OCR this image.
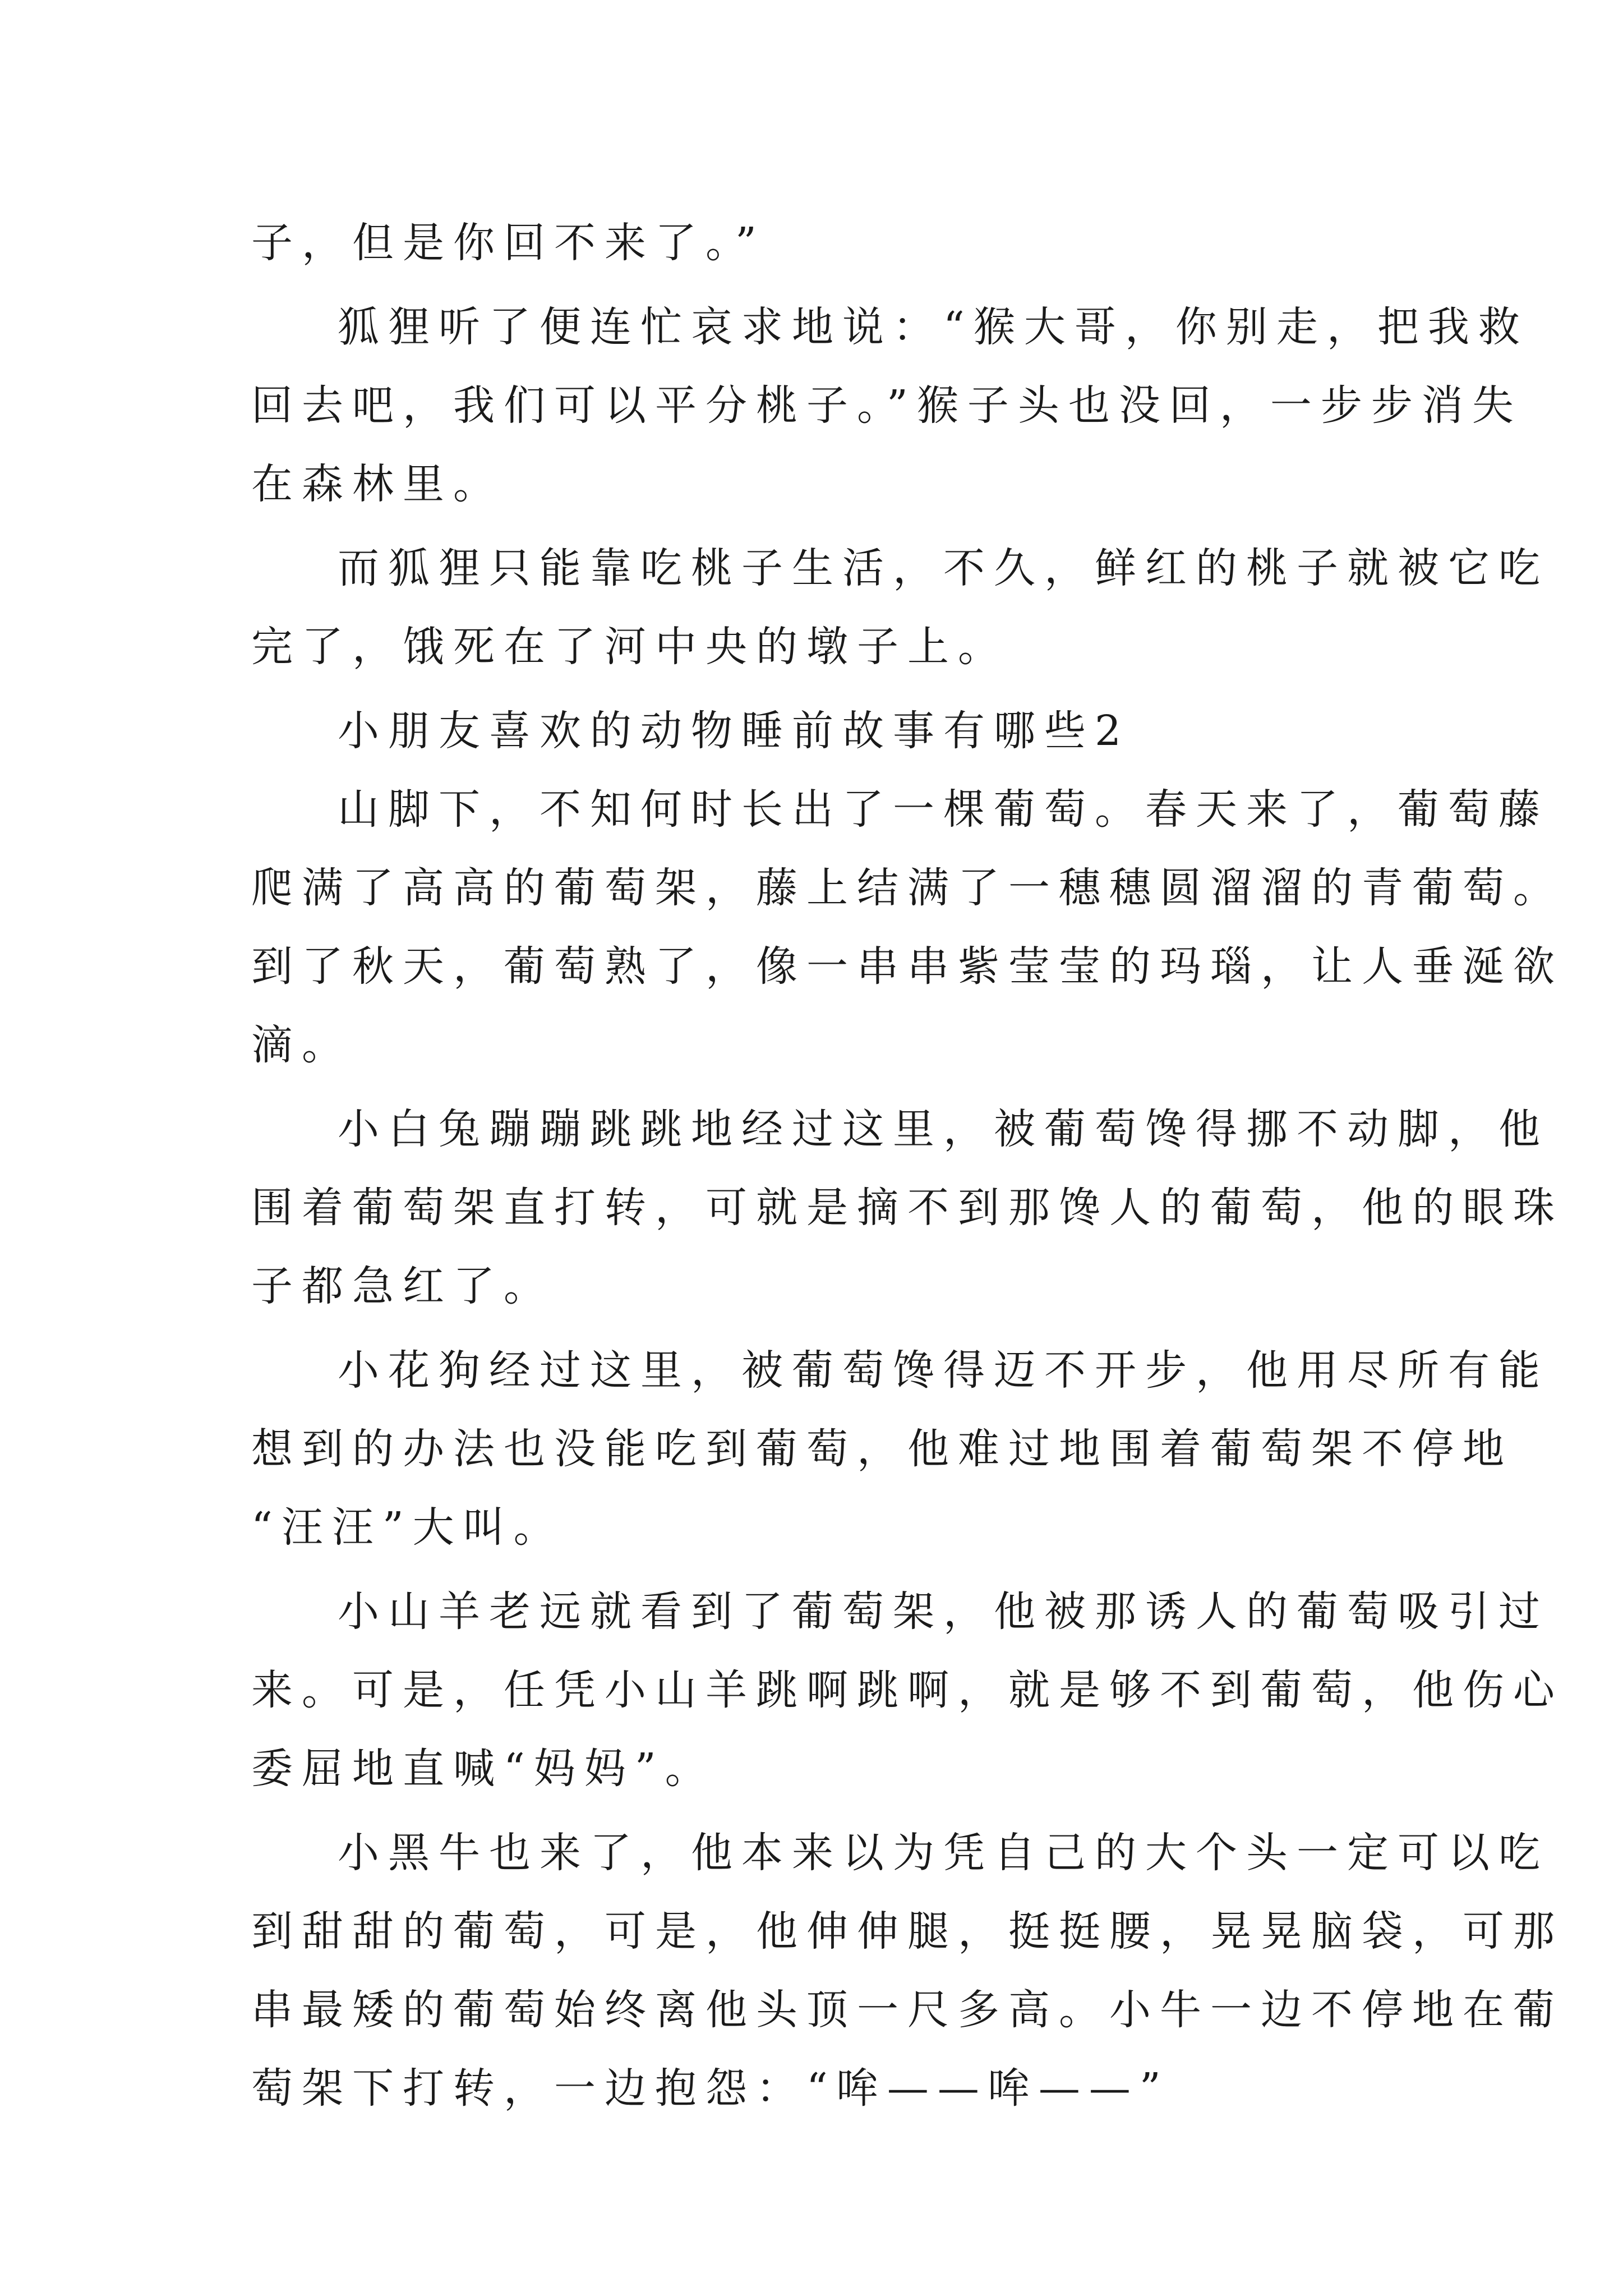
子，但是你回不来了。”

狐狸听了便连忙哀求地说：“猴大哥，你别走，把我救

回去吧，我们可以平分桃子。”猴子头也没回，一步步消失

在森林里。

而狐狸只能靠吃桃子生活，不久，鲜红的桃子就被它吃

完了，饿死在了河中央的墩子上。

小朋友喜欢的动物睡前故事有哪些2

山脚下，不知何时长出了一棵葡萄。春天来了，葡萄藤

爬满了高高的葡萄架，藤上结满了一穗穗圆溜溜的青葡萄。

到了秋天，葡萄熟了，像一串串紫莹莹的玛瑙，让人垂涎欲

滴。

小白兔蹦蹦跳跳地经过这里，被葡萄馋得挪不动脚，他

围着葡萄架直打转，可就是摘不到那馋人的葡萄，他的眼珠

子都急红了。

小花狗经过这里，被葡萄馋得迈不开步，他用尽所有能

想到的办法也没能吃到葡萄，他难过地围着葡萄架不停地

“汪汪”大叫。

小山羊老远就看到了葡萄架，他被那诱人的葡萄吸引过

来。可是，任凭小山羊跳啊跳啊，就是够不到葡萄，他伤心

委屈地直喊“妈妈”。

小黑牛也来了，他本来以为凭自己的大个头一定可以吃

到甜甜的葡萄，可是，他伸伸腿，挺挺腰，晃晃脑袋，可那

串最矮的葡萄始终离他头顶一尺多高。小牛一边不停地在葡

萄架下打转，一边抱怨：“哞——哞——”
